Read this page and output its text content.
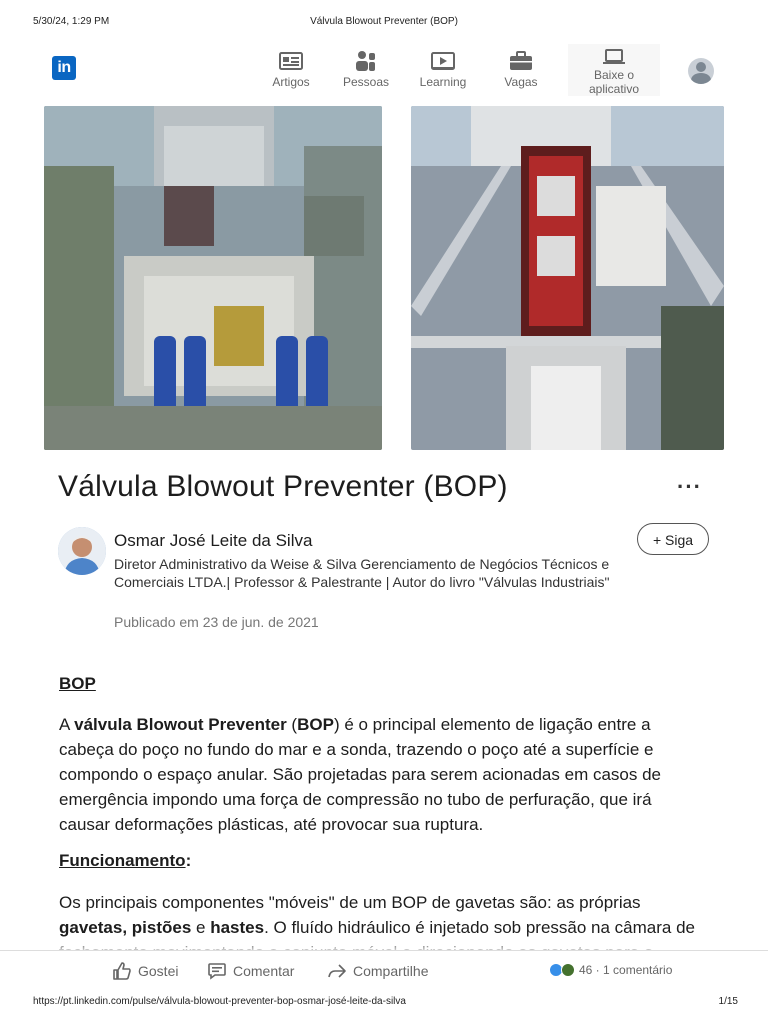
5/30/24, 1:29 PM	Válvula Blowout Preventer (BOP)
in
Artigos	Pessoas	Learning	Vagas	Baixe o
aplicativo
Válvula Blowout Preventer (BOP)	···
Osmar José Leite da Silva
Diretor Administrativo da Weise & Silva Gerenciamento de Negócios Técnicos e Comerciais LTDA.| Professor & Palestrante | Autor do livro "Válvulas Industriais"
Publicado em 23 de jun. de 2021
+ Siga
BOP
A válvula Blowout Preventer (BOP) é o principal elemento de ligação entre a cabeça do poço no fundo do mar e a sonda, trazendo o poço até a superfície e compondo o espaço anular. São projetadas para serem acionadas em casos de emergência impondo uma força de compressão no tubo de perfuração, que irá causar deformações plásticas, até provocar sua ruptura.
Funcionamento:
Os principais componentes "móveis" de um BOP de gavetas são: as próprias gavetas, pistões e hastes. O fluído hidráulico é injetado sob pressão na câmara de
Gostei	Comentar	Compartilhe	46 · 1 comentário
https://pt.linkedin.com/pulse/válvula-blowout-preventer-bop-osmar-josé-leite-da-silva	1/15
